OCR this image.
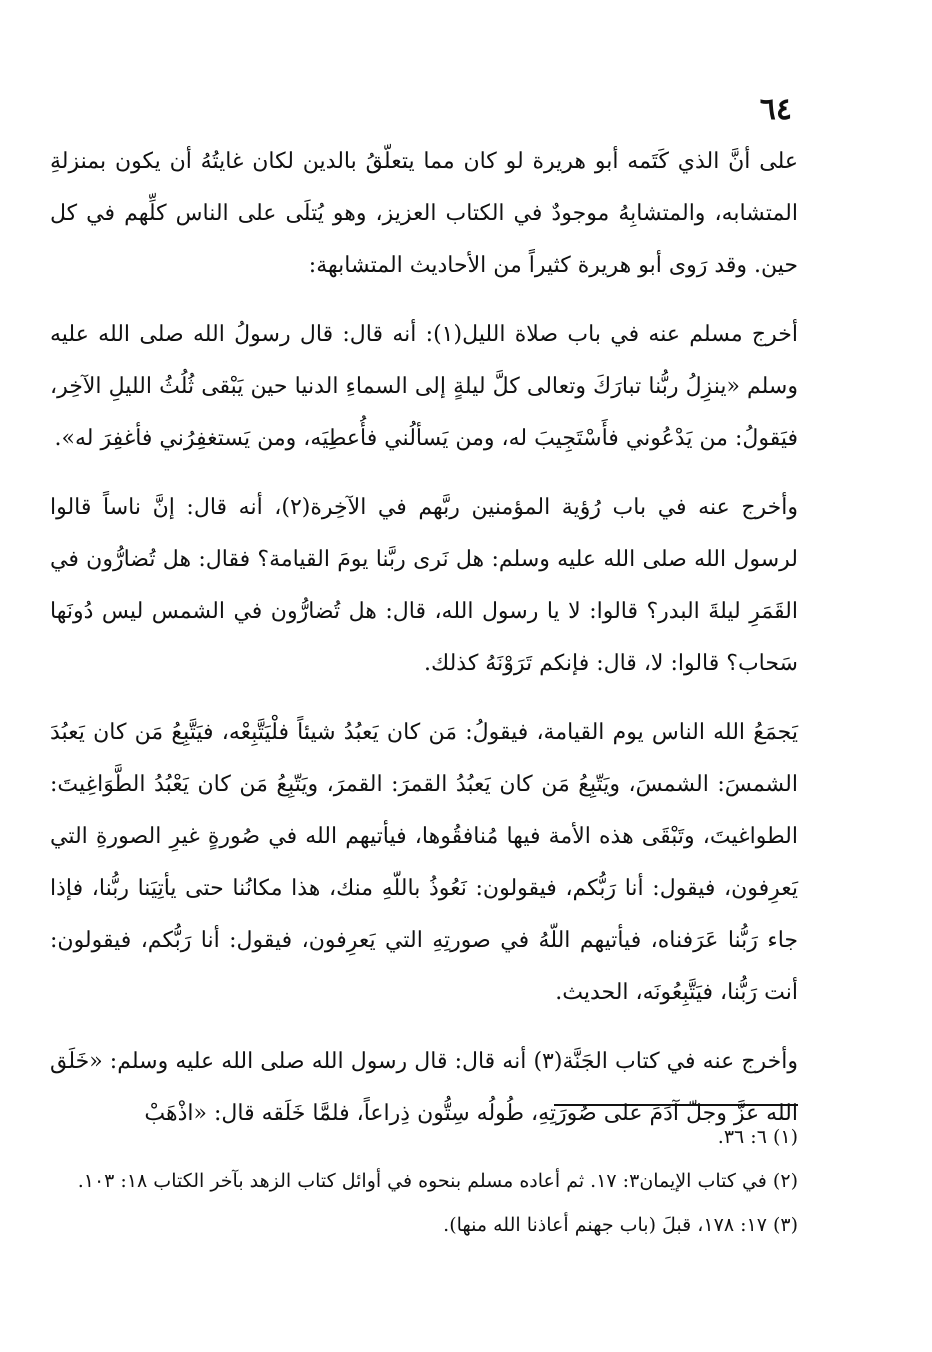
٦٤

على أنَّ الذي كَتَمه أبو هريرة لو كان مما يتعلّقُ بالدين لكان غايتُهُ أن يكون بمنزلةِ المتشابه، والمتشابِهُ موجودٌ في الكتاب العزيز، وهو يُتلَى على الناس كلِّهم في كل حين. وقد رَوى أبو هريرة كثيراً من الأحاديث المتشابهة:

أخرج مسلم عنه في باب صلاة الليل(١): أنه قال: قال رسولُ الله صلى الله عليه وسلم «ينزِلُ ربُّنا تبارَكَ وتعالى كلَّ ليلةٍ إلى السماءِ الدنيا حين يَبْقى ثُلُثُ الليلِ الآخِر، فيَقولُ: من يَدْعُوني فأَسْتَجِيبَ له، ومن يَسألُني فأُعطِيَه، ومن يَستغفِرُني فأغفِرَ له».

وأخرج عنه في باب رُؤية المؤمنين ربَّهم في الآخِرة(٢)، أنه قال: إنَّ ناساً قالوا لرسول الله صلى الله عليه وسلم: هل نَرى ربَّنا يومَ القيامة؟ فقال: هل تُضارُّون في القَمَرِ ليلةَ البدر؟ قالوا: لا يا رسول الله، قال: هل تُضارُّون في الشمس ليس دُونَها سَحاب؟ قالوا: لا، قال: فإنكم تَرَوْنَهُ كذلك.

يَجمَعُ الله الناس يوم القيامة، فيقولُ: مَن كان يَعبُدُ شيئاً فلْيَتَّبِعْه، فيَتَّبِعُ مَن كان يَعبُدَ الشمسَ: الشمسَ، ويَتّبِعُ مَن كان يَعبُدُ القمرَ: القمرَ، ويَتّبِعُ مَن كان يَعْبُدُ الطَّوَاغِيتَ: الطواغيتَ، وتَبْقَى هذه الأمة فيها مُنافقُوها، فيأتيهم الله في صُورةٍ غيرِ الصورةِ التي يَعرِفون، فيقول: أنا رَبُّكم، فيقولون: نَعُوذُ باللّهِ منك، هذا مكانُنا حتى يأتِيَنا ربُّنا، فإذا جاء رَبُّنا عَرَفناه، فيأتيهم اللّهُ في صورتِهِ التي يَعرِفون، فيقول: أنا رَبُّكم، فيقولون: أنت رَبُّنا، فيَتَّبِعُونَه، الحديث.

وأخرج عنه في كتاب الجَنَّة(٣) أنه قال: قال رسول الله صلى الله عليه وسلم: «خَلَق الله عزَّ وجلّ آدَمَ على صُورَتِهِ، طُولُه سِتُّون ذِراعاً، فلمَّا خَلَقه قال: «اذْهَبْ

(١) ٦: ٣٦.

(٢) في كتاب الإيمان٣: ١٧. ثم أعاده مسلم بنحوه في أوائل كتاب الزهد بآخر الكتاب ١٨: ١٠٣.

(٣) ١٧: ١٧٨، قبلَ (باب جهنم أعاذنا الله منها).
